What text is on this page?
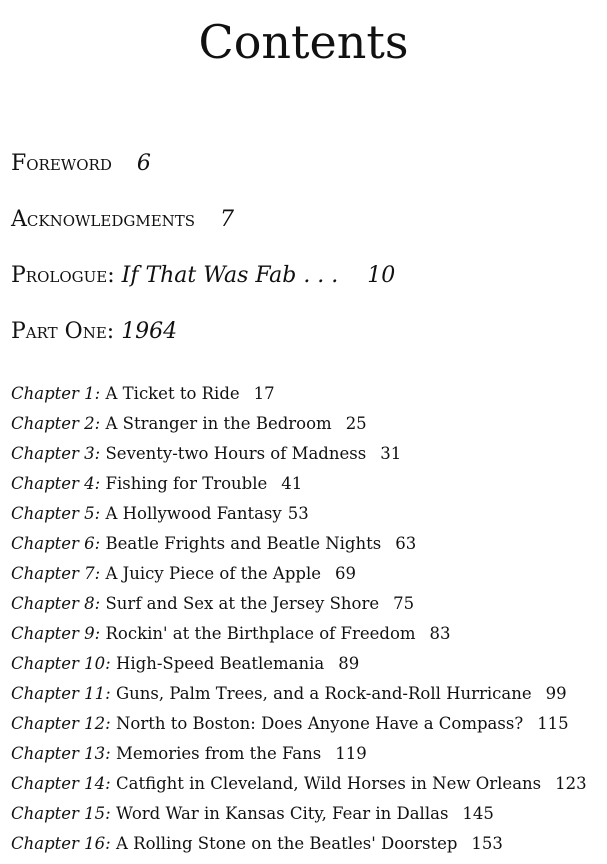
Contents
Foreword 6
Acknowledgments 7
Prologue: If That Was Fab . . . 10
Part One: 1964
Chapter 1: A Ticket to Ride 17
Chapter 2: A Stranger in the Bedroom 25
Chapter 3: Seventy-two Hours of Madness 31
Chapter 4: Fishing for Trouble 41
Chapter 5: A Hollywood Fantasy 53
Chapter 6: Beatle Frights and Beatle Nights 63
Chapter 7: A Juicy Piece of the Apple 69
Chapter 8: Surf and Sex at the Jersey Shore 75
Chapter 9: Rockin' at the Birthplace of Freedom 83
Chapter 10: High-Speed Beatlemania 89
Chapter 11: Guns, Palm Trees, and a Rock-and-Roll Hurricane 99
Chapter 12: North to Boston: Does Anyone Have a Compass? 115
Chapter 13: Memories from the Fans 119
Chapter 14: Catfight in Cleveland, Wild Horses in New Orleans 123
Chapter 15: Word War in Kansas City, Fear in Dallas 145
Chapter 16: A Rolling Stone on the Beatles' Doorstep 153
